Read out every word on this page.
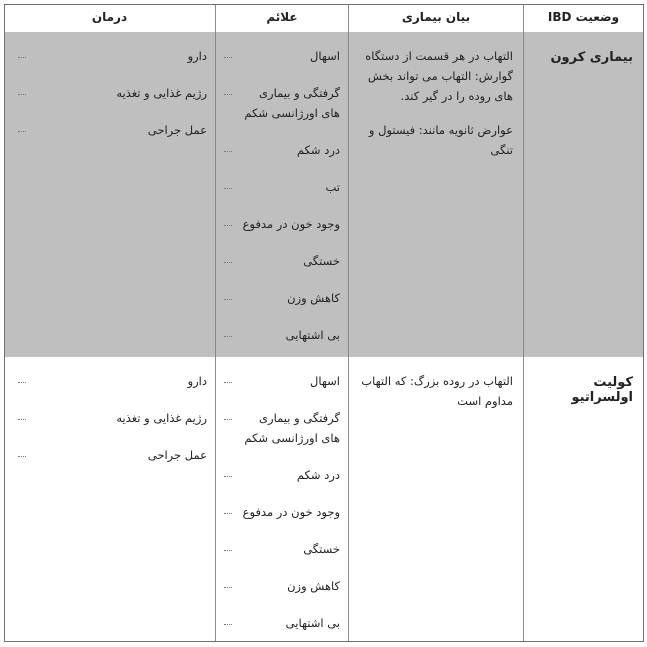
وضعیت IBD
بیان بیماری
علائم
درمان
بیماری کرون

التهاب در هر قسمت از دستگاه گوارش: التهاب می تواند بخش های روده را در گیر کند.

عوارض ثانویه مانند: فیستول و تنگی

اسهال
گرفتگی و بیماری های اورژانسی شکم
درد شکم
تب
وجود خون در مدفوع
خستگی
کاهش وزن
بی اشتهایی
دارو
رژیم غذایی و تغذیه
عمل جراحی
کولیت اولسراتیو

التهاب در روده بزرگ: که التهاب مداوم است

اسهال
گرفتگی و بیماری های اورژانسی شکم
درد شکم
وجود خون در مدفوع
خستگی
کاهش وزن
بی اشتهایی
دارو
رژیم غذایی و تغذیه
عمل جراحی
